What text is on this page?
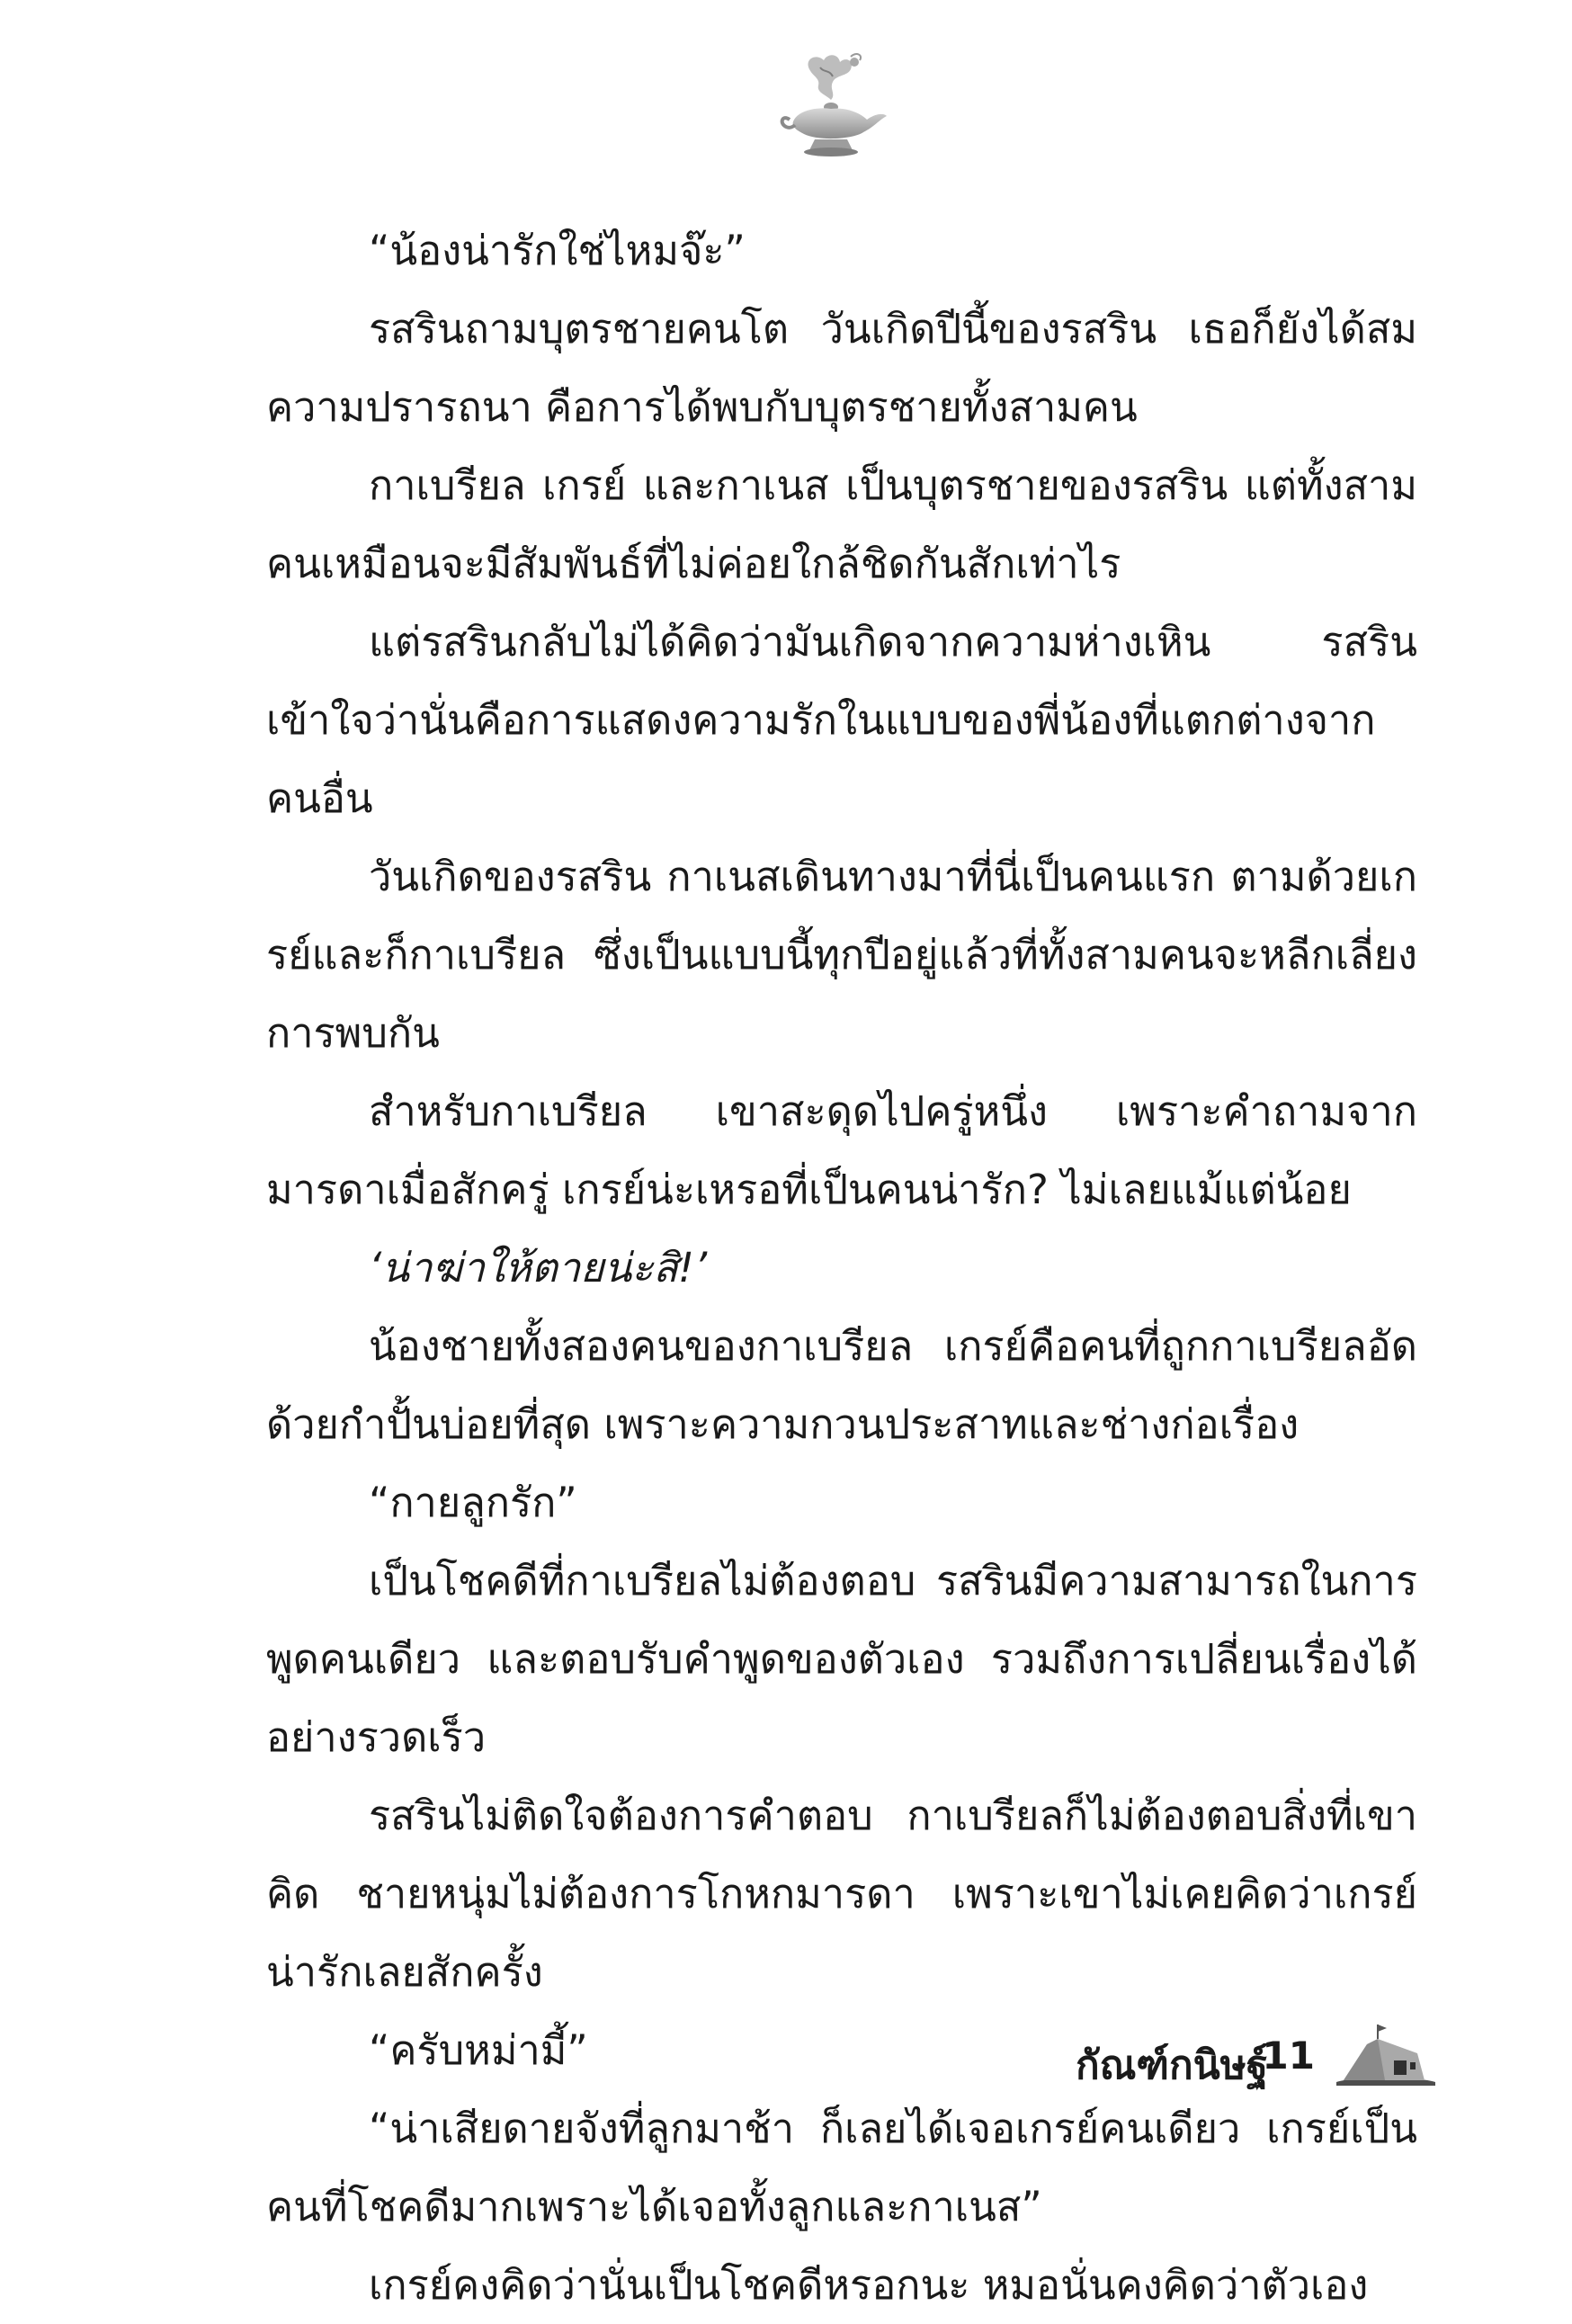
“น้องน่ารักใช่ไหมจ๊ะ”

รสรินถามบุตรชายคนโต วันเกิดปีนี้ของรสริน เธอก็ยังได้สมความปรารถนา คือการได้พบกับบุตรชายทั้งสามคน

กาเบรียล เกรย์ และกาเนส เป็นบุตรชายของรสริน แต่ทั้งสามคนเหมือนจะมีสัมพันธ์ที่ไม่ค่อยใกล้ชิดกันสักเท่าไร

แต่รสรินกลับไม่ได้คิดว่ามันเกิดจากความห่างเหิน รสรินเข้าใจว่านั่นคือการแสดงความรักในแบบของพี่น้องที่แตกต่างจากคนอื่น

วันเกิดของรสริน กาเนสเดินทางมาที่นี่เป็นคนแรก ตามด้วยเกรย์และก็กาเบรียล ซึ่งเป็นแบบนี้ทุกปีอยู่แล้วที่ทั้งสามคนจะหลีกเลี่ยงการพบกัน

สำหรับกาเบรียล เขาสะดุดไปครู่หนึ่ง เพราะคำถามจากมารดาเมื่อสักครู่ เกรย์น่ะเหรอที่เป็นคนน่ารัก? ไม่เลยแม้แต่น้อย

‘น่าฆ่าให้ตายน่ะสิ!’

น้องชายทั้งสองคนของกาเบรียล เกรย์คือคนที่ถูกกาเบรียลอัดด้วยกำปั้นบ่อยที่สุด เพราะความกวนประสาทและช่างก่อเรื่อง

“กายลูกรัก”

เป็นโชคดีที่กาเบรียลไม่ต้องตอบ รสรินมีความสามารถในการพูดคนเดียว และตอบรับคำพูดของตัวเอง รวมถึงการเปลี่ยนเรื่องได้อย่างรวดเร็ว

รสรินไม่ติดใจต้องการคำตอบ กาเบรียลก็ไม่ต้องตอบสิ่งที่เขาคิด ชายหนุ่มไม่ต้องการโกหกมารดา เพราะเขาไม่เคยคิดว่าเกรย์น่ารักเลยสักครั้ง

“ครับหม่ามี้”

“น่าเสียดายจังที่ลูกมาช้า ก็เลยได้เจอเกรย์คนเดียว เกรย์เป็นคนที่โชคดีมากเพราะได้เจอทั้งลูกและกาเนส”

เกรย์คงคิดว่านั่นเป็นโชคดีหรอกนะ หมอนั่นคงคิดว่าตัวเอง

กัณฑ์กนิษฐ์
11
